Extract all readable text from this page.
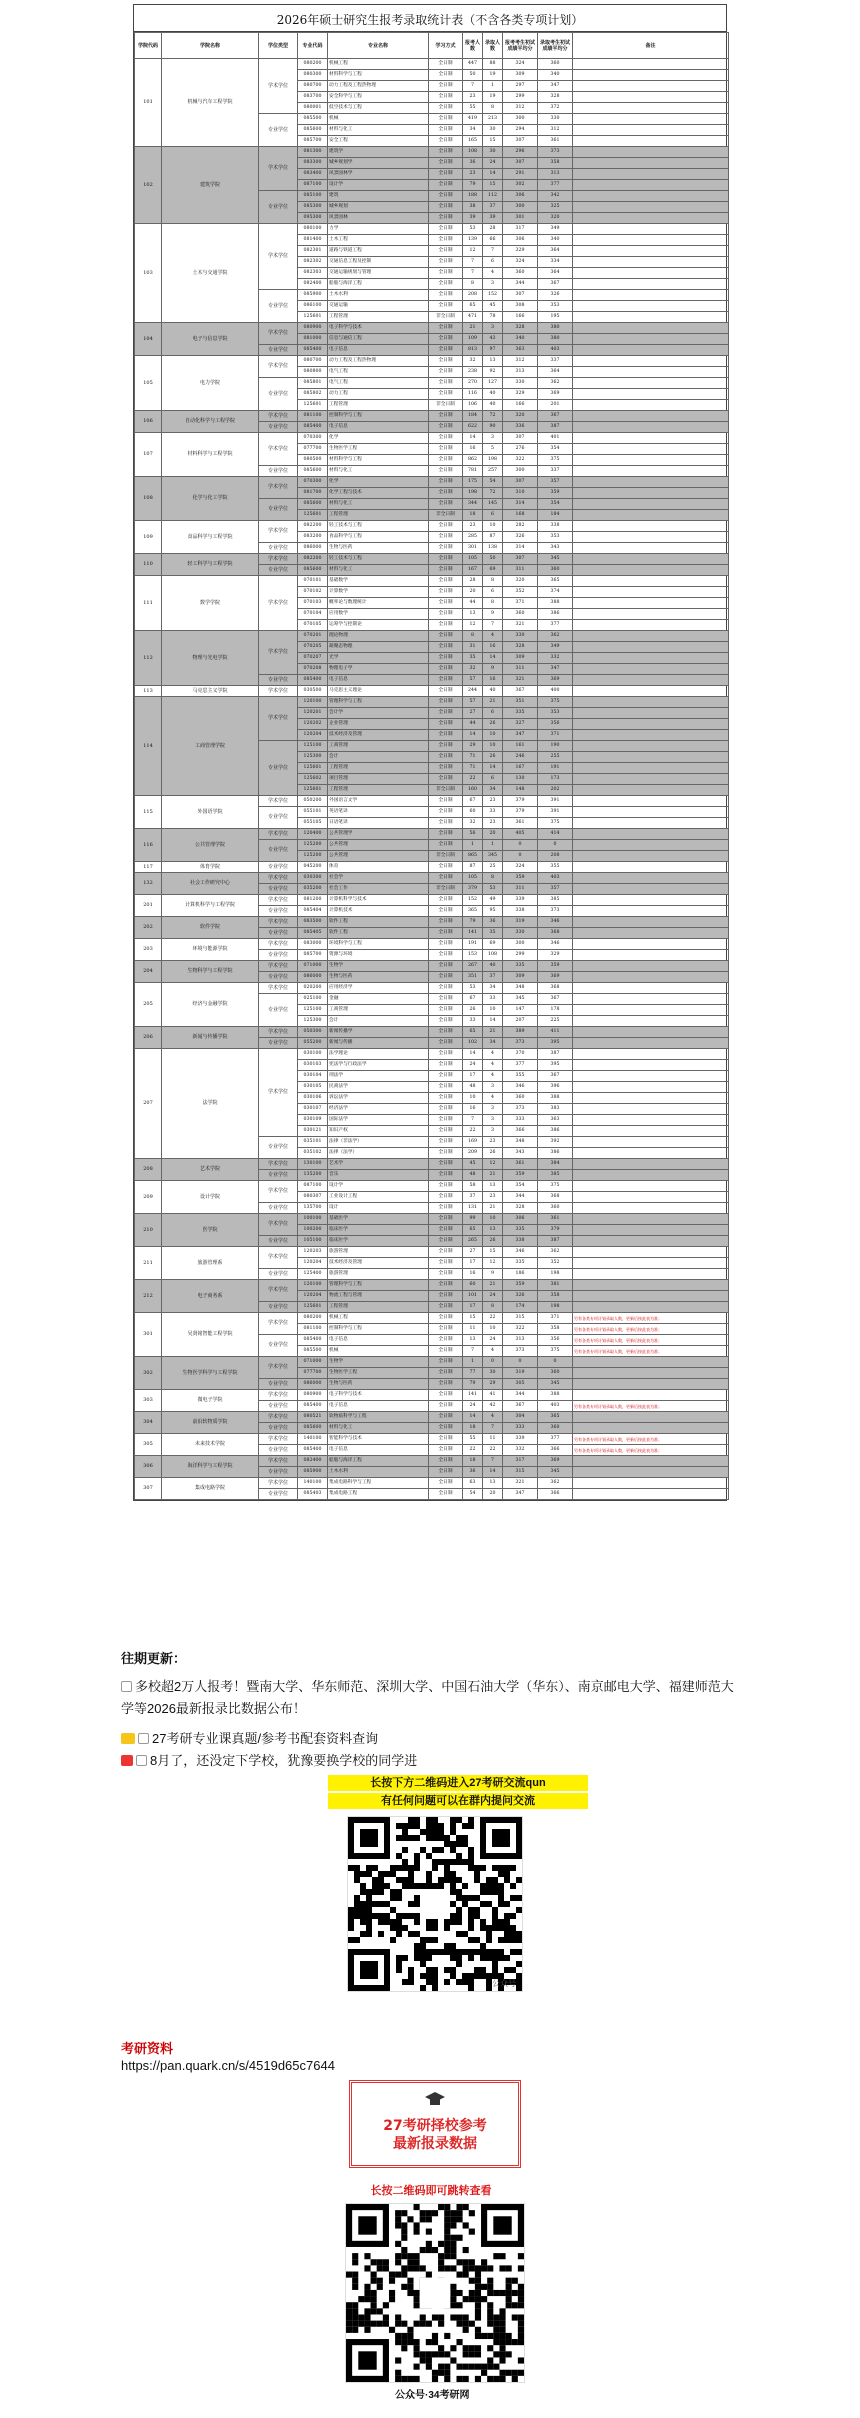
2026年硕士研究生报考录取统计表（不含各类专项计划）
学院代码	学院名称	学位类型	专业代码	专业名称	学习方式	报考人数	录取人数	报考考生初试成绩平均分	录取考生初试成绩平均分	备注
101	机械与汽车工程学院	学术学位	080200	机械工程	全日制	447	88	324	360	
			080300	材料科学与工程	全日制	50	19	309	340	
			080700	动力工程及工程热物理	全日制	7	1	297	347	
			083700	安全科学与工程	全日制	23	19	299	328	
			080001	低空技术与工程	全日制	55	8	312	372	
		专业学位	085500	机械	全日制	419	213	300	330	
			085600	材料与化工	全日制	34	30	294	312	
			085700	安全工程	全日制	165	15	307	361	
102	建筑学院	学术学位	081300	建筑学	全日制	108	30	296	373	
			083300	城乡规划学	全日制	36	24	307	358	
			083400	风景园林学	全日制	23	14	291	313	
			087100	设计学	全日制	79	15	302	377	
		专业学位	085100	建筑	全日制	188	112	306	342	
			085300	城乡规划	全日制	38	37	300	325	
			095300	风景园林	全日制	39	39	301	320	
103	土木与交通学院	学术学位	080100	力学	全日制	53	28	317	349	
			081400	土木工程	全日制	139	66	306	340	
			082301	道路与铁道工程	全日制	12	7	329	364	
			082302	交通信息工程及控制	全日制	7	6	324	334	
			082303	交通运输规划与管理	全日制	7	4	360	364	
			082400	船舶与海洋工程	全日制	8	3	344	367	
		专业学位	085900	土木水利	全日制	208	152	307	326	
			086100	交通运输	全日制	65	45	308	353	
			125601	工程管理	非全日制	471	78	166	195	
104	电子与信息学院	学术学位	080900	电子科学与技术	全日制	21	3	328	380	
			081000	信息与通信工程	全日制	109	43	340	380	
		专业学位	085400	电子信息	全日制	813	97	363	403	
105	电力学院	学术学位	080700	动力工程及工程热物理	全日制	32	13	312	337	
			080800	电气工程	全日制	238	92	313	364	
		专业学位	085801	电气工程	全日制	270	127	330	362	
			085802	动力工程	全日制	116	40	329	369	
			125601	工程管理	非全日制	106	40	166	201	
106	自动化科学与工程学院	学术学位	081100	控制科学与工程	全日制	184	72	320	367	
		专业学位	085400	电子信息	全日制	622	90	336	387	
107	材料科学与工程学院	学术学位	070300	化学	全日制	14	3	307	401	
			077700	生物医学工程	全日制	16	5	276	354	
			080500	材料科学与工程	全日制	862	198	322	375	
		专业学位	085600	材料与化工	全日制	781	257	300	337	
108	化学与化工学院	学术学位	070300	化学	全日制	175	54	307	357	
			081700	化学工程与技术	全日制	198	72	310	359	
		专业学位	085600	材料与化工	全日制	344	145	314	354	
			125601	工程管理	非全日制	18	6	168	184	
109	食品科学与工程学院	学术学位	082200	轻工技术与工程	全日制	23	10	282	338	
			083200	食品科学与工程	全日制	285	87	326	353	
		专业学位	086000	生物与医药	全日制	301	138	314	343	
110	轻工科学与工程学院	学术学位	082200	轻工技术与工程	全日制	105	50	307	345	
		专业学位	085600	材料与化工	全日制	167	69	311	360	
111	数学学院	学术学位	070101	基础数学	全日制	28	8	320	365	
			070102	计算数学	全日制	20	6	352	374	
			070103	概率论与数理统计	全日制	44	8	371	388	
			070104	应用数学	全日制	13	9	360	386	
			070105	运筹学与控制论	全日制	12	7	321	377	
112	物理与光电学院	学术学位	070201	理论物理	全日制	8	4	330	362	
			070205	凝聚态物理	全日制	31	16	328	349	
			070207	光学	全日制	35	14	309	332	
			070208	物理电子学	全日制	32	9	311	347	
		专业学位	085400	电子信息	全日制	57	16	321	369	
113	马克思主义学院	学术学位	030500	马克思主义理论	全日制	244	40	367	400	
114	工商管理学院	学术学位	120100	管理科学与工程	全日制	57	21	351	375	
			120201	会计学	全日制	27	6	335	353	
			120202	企业管理	全日制	44	26	327	356	
			120204	技术经济及管理	全日制	14	10	347	371	
		专业学位	125100	工商管理	全日制	29	10	161	190	
			125300	会计	全日制	71	26	246	255	
			125601	工程管理	全日制	71	14	167	191	
			125602	项目管理	全日制	22	6	130	173	
			125601	工程管理	非全日制	160	34	148	202	
115	外国语学院	学术学位	050200	外国语言文学	全日制	67	23	379	391	
		专业学位	055101	英语笔译	全日制	60	33	379	391	
			055105	日语笔译	全日制	32	23	361	375	
116	公共管理学院	学术学位	120400	公共管理学	全日制	56	20	405	414	
		专业学位	125200	公共管理	全日制	1	1	0	0	
			125200	公共管理	非全日制	865	345	0	208	
117	体育学院	专业学位	045200	体育	全日制	87	25	324	355	
132	社会工作研究中心	学术学位	030300	社会学	全日制	105	8	359	403	
		专业学位	035200	社会工作	非全日制	379	53	311	357	
201	计算机科学与工程学院	学术学位	081200	计算机科学与技术	全日制	152	49	339	385	
		专业学位	085404	计算机技术	全日制	365	95	338	373	
202	软件学院	学术学位	083500	软件工程	全日制	79	36	319	346	
		专业学位	085405	软件工程	全日制	141	35	330	368	
203	环境与能源学院	学术学位	083000	环境科学与工程	全日制	191	69	300	346	
		专业学位	085700	资源与环境	全日制	153	108	299	329	
204	生物科学与工程学院	学术学位	071000	生物学	全日制	267	40	335	359	
		专业学位	086000	生物与医药	全日制	351	37	309	369	
205	经济与金融学院	学术学位	020200	应用经济学	全日制	53	34	348	368	
		专业学位	025100	金融	全日制	67	33	345	367	
			125100	工商管理	全日制	26	10	147	178	
			125300	会计	全日制	33	14	207	225	
206	新闻与传播学院	学术学位	050300	新闻传播学	全日制	65	21	389	411	
		专业学位	055200	新闻与传播	全日制	102	34	373	395	
207	法学院	学术学位	030100	法学理论	全日制	14	4	370	387	
			030103	宪法学与行政法学	全日制	24	4	377	395	
			030104	刑法学	全日制	17	4	355	367	
			030105	民商法学	全日制	48	3	346	396	
			030106	诉讼法学	全日制	10	4	360	388	
			030107	经济法学	全日制	16	3	373	383	
			030109	国际法学	全日制	7	3	333	363	
			030121	知识产权	全日制	22	3	366	386	
		专业学位	035101	法律（非法学）	全日制	169	23	348	392	
			035102	法律（法学）	全日制	209	26	343	386	
208	艺术学院	学术学位	130100	艺术学	全日制	45	12	361	384	
		专业学位	135200	音乐	全日制	48	21	359	385	
209	设计学院	学术学位	087100	设计学	全日制	58	13	354	375	
			080307	工业设计工程	全日制	37	23	344	368	
		专业学位	135700	设计	全日制	131	21	328	360	
210	医学院	学术学位	100100	基础医学	全日制	99	10	306	361	
			100200	临床医学	全日制	65	13	335	379	
		专业学位	105100	临床医学	全日制	265	26	338	387	
211	旅游管理系	学术学位	120203	旅游管理	全日制	27	15	346	362	
			120204	技术经济及管理	全日制	17	12	335	352	
		专业学位	125400	旅游管理	全日制	16	9	186	198	
212	电子商务系	学术学位	120100	管理科学与工程	全日制	60	21	359	381	
			120204	物流工程与管理	全日制	101	24	326	358	
		专业学位	125601	工程管理	全日制	17	8	174	198	
301	吴贤铭智能工程学院	学术学位	080200	机械工程	全日制	15	22	315	371	另有各类专项计划录取人数，更新后按此表为准；
			081100	控制科学与工程	全日制	11	10	322	358	另有各类专项计划录取人数，更新后按此表为准；
		专业学位	085400	电子信息	全日制	13	24	313	356	另有各类专项计划录取人数，更新后按此表为准；
			085500	机械	全日制	7	4	373	375	另有各类专项计划录取人数，更新后按此表为准；
302	生物医学科学与工程学院	学术学位	071000	生物学	全日制	1	0	0	0	
			077700	生物医学工程	全日制	77	30	319	360	
		专业学位	086000	生物与医药	全日制	79	29	305	345	
303	微电子学院	学术学位	080900	电子科学与技术	全日制	141	41	344	388	
		专业学位	085400	电子信息	全日制	24	42	367	403	另有各类专项计划录取人数，更新后按此表为准；
304	前沿软物质学院	学术学位	080521	软物质科学与工程	全日制	14	4	304	365	
		专业学位	085600	材料与化工	全日制	18	7	333	360	
305	未来技术学院	学术学位	140100	智能科学与技术	全日制	55	11	339	377	另有各类专项计划录取人数，更新后按此表为准；
		专业学位	085400	电子信息	全日制	22	22	332	366	另有各类专项计划录取人数，更新后按此表为准；
306	海洋科学与工程学院	学术学位	082400	船舶与海洋工程	全日制	18	7	317	369	
		专业学位	085900	土木水利	全日制	36	14	315	345	
307	集成电路学院	学术学位	140100	集成电路科学与工程	全日制	63	13	321	362	
		专业学位	085403	集成电路工程	全日制	54	20	347	366	
往期更新：
多校超2万人报考！暨南大学、华东师范、深圳大学、中国石油大学（华东）、南京邮电大学、福建师范大学等2026最新报录比数据公布！
27考研专业课真题/参考书配套资料查询
8月了，还没定下学校，犹豫要换学校的同学进
长按下方二维码进入27考研交流qun
有任何问题可以在群内提问交流
公众号
考研资料
https://pan.quark.cn/s/4519d65c7644
27考研择校参考
最新报录数据
长按二维码即可跳转查看
公众号·34考研网
